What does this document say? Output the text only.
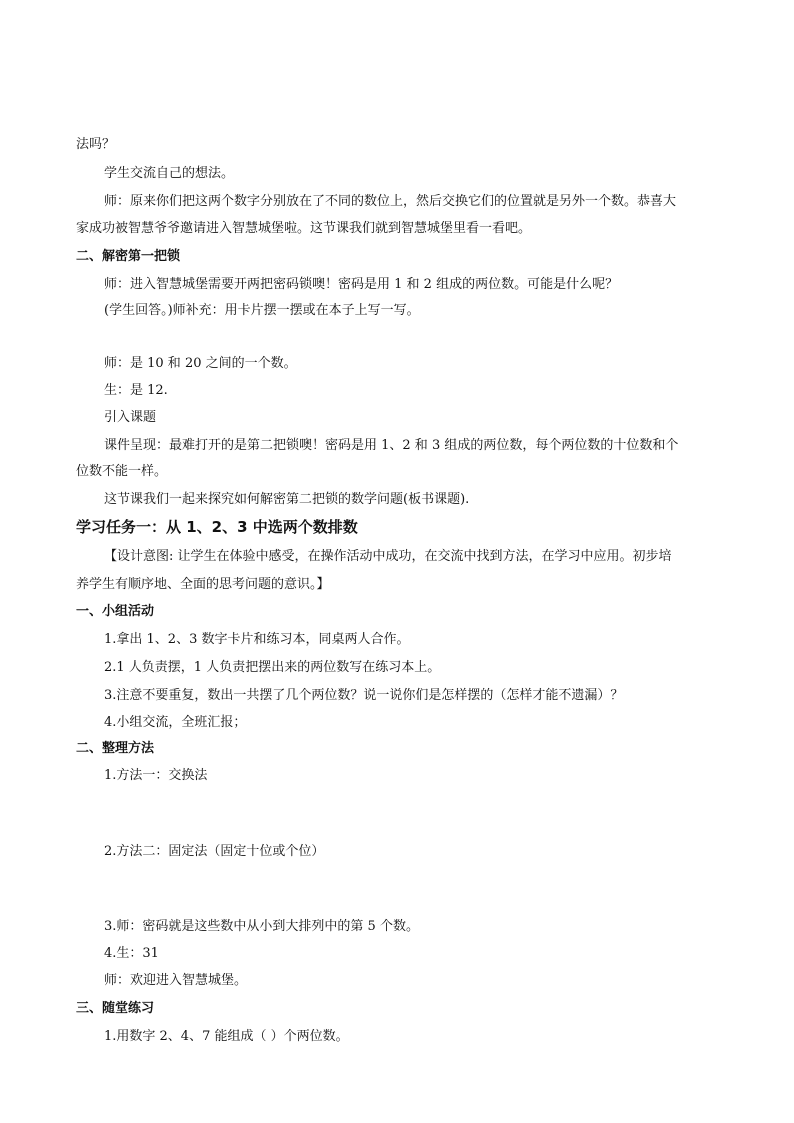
法吗？

学生交流自己的想法。

师：原来你们把这两个数字分别放在了不同的数位上，然后交换它们的位置就是另外一个数。恭喜大

家成功被智慧爷爷邀请进入智慧城堡啦。这节课我们就到智慧城堡里看一看吧。

二、解密第一把锁

师：进入智慧城堡需要开两把密码锁噢！密码是用 1 和 2 组成的两位数。可能是什么呢？

(学生回答。)师补充：用卡片摆一摆或在本子上写一写。

师：是 10 和 20 之间的一个数。

生：是 12.

引入课题

课件呈现：最难打开的是第二把锁噢！密码是用 1、2 和 3 组成的两位数，每个两位数的十位数和个

位数不能一样。

这节课我们一起来探究如何解密第二把锁的数学问题(板书课题).

学习任务一：从 1、2、3 中选两个数排数

【设计意图: 让学生在体验中感受，在操作活动中成功，在交流中找到方法，在学习中应用。初步培

养学生有顺序地、全面的思考问题的意识。】

一、小组活动

1.拿出 1、2、3 数字卡片和练习本，同桌两人合作。

2.1 人负责摆，1 人负责把摆出来的两位数写在练习本上。

3.注意不要重复，数出一共摆了几个两位数？说一说你们是怎样摆的（怎样才能不遗漏）？

4.小组交流，全班汇报；

二、整理方法

1.方法一：交换法

2.方法二：固定法（固定十位或个位）

3.师：密码就是这些数中从小到大排列中的第 5 个数。

4.生：31

师：欢迎进入智慧城堡。

三、随堂练习

1.用数字 2、4、7 能组成（ ）个两位数。
